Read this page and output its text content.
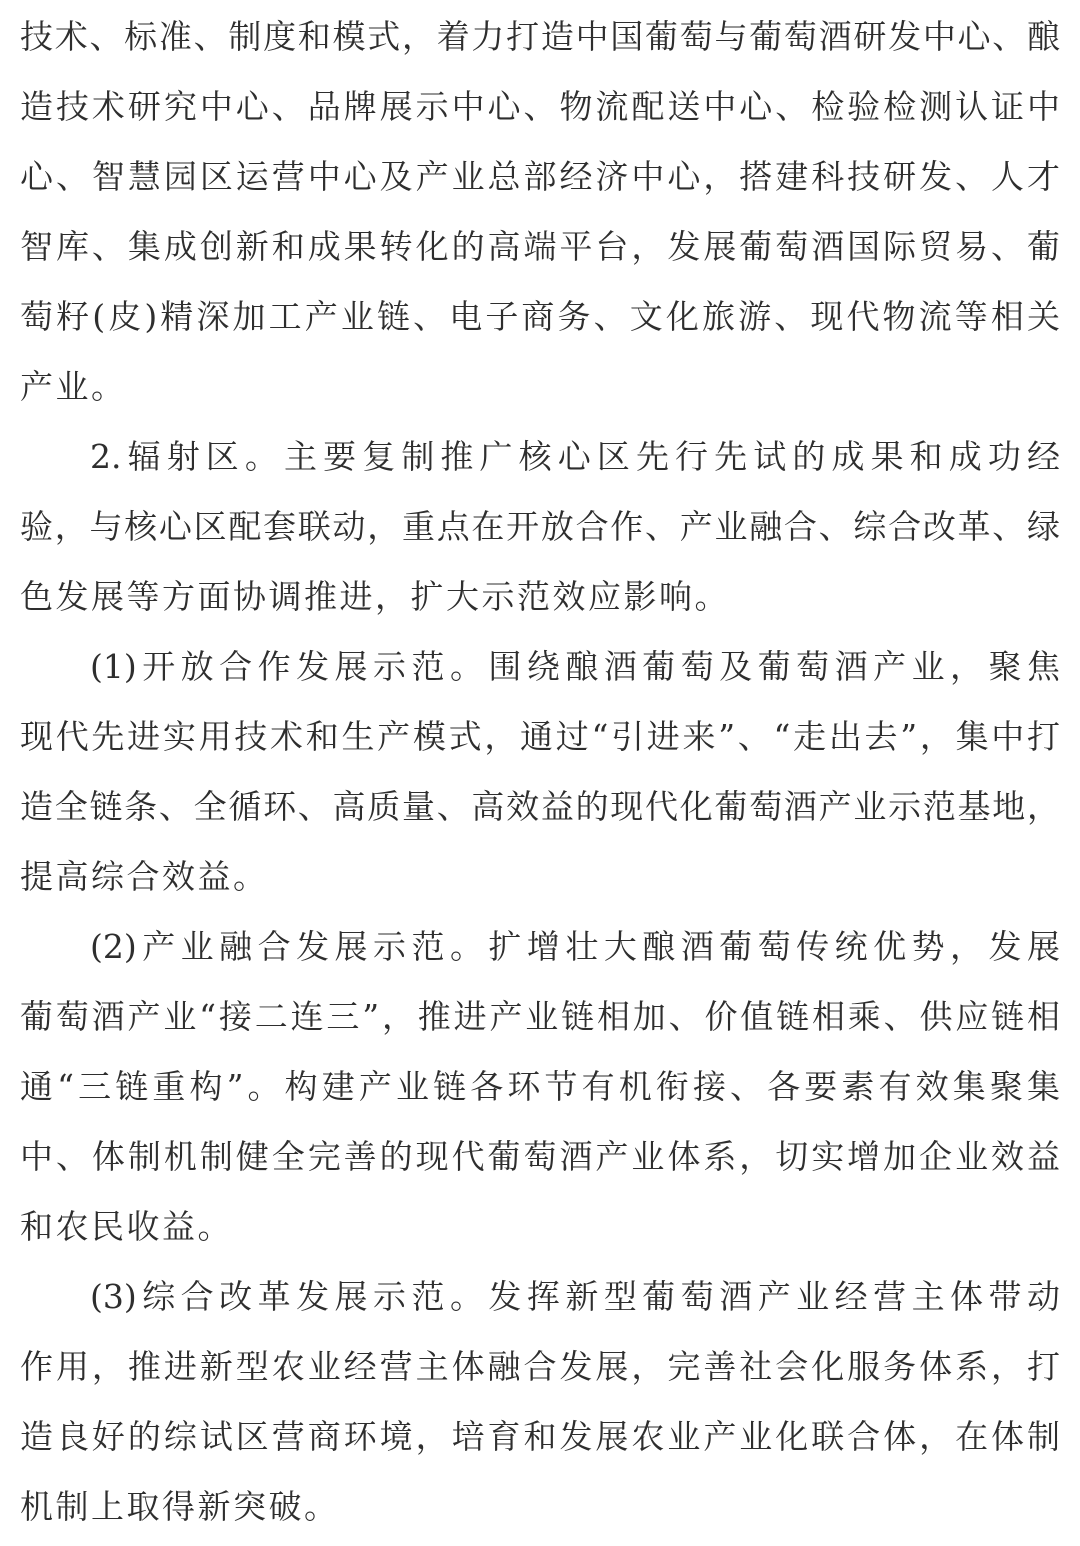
技术、标准、制度和模式，着力打造中国葡萄与葡萄酒研发中心、酿
造技术研究中心、品牌展示中心、物流配送中心、检验检测认证中
心、智慧园区运营中心及产业总部经济中心，搭建科技研发、人才
智库、集成创新和成果转化的高端平台，发展葡萄酒国际贸易、葡
萄籽(皮)精深加工产业链、电子商务、文化旅游、现代物流等相关
产业。
2.辐射区。主要复制推广核心区先行先试的成果和成功经
验，与核心区配套联动，重点在开放合作、产业融合、综合改革、绿
色发展等方面协调推进，扩大示范效应影响。
(1)开放合作发展示范。围绕酿酒葡萄及葡萄酒产业，聚焦
现代先进实用技术和生产模式，通过“引进来”、“走出去”，集中打
造全链条、全循环、高质量、高效益的现代化葡萄酒产业示范基地，
提高综合效益。
(2)产业融合发展示范。扩增壮大酿酒葡萄传统优势，发展
葡萄酒产业“接二连三”，推进产业链相加、价值链相乘、供应链相
通“三链重构”。构建产业链各环节有机衔接、各要素有效集聚集
中、体制机制健全完善的现代葡萄酒产业体系，切实增加企业效益
和农民收益。
(3)综合改革发展示范。发挥新型葡萄酒产业经营主体带动
作用，推进新型农业经营主体融合发展，完善社会化服务体系，打
造良好的综试区营商环境，培育和发展农业产业化联合体，在体制
机制上取得新突破。
